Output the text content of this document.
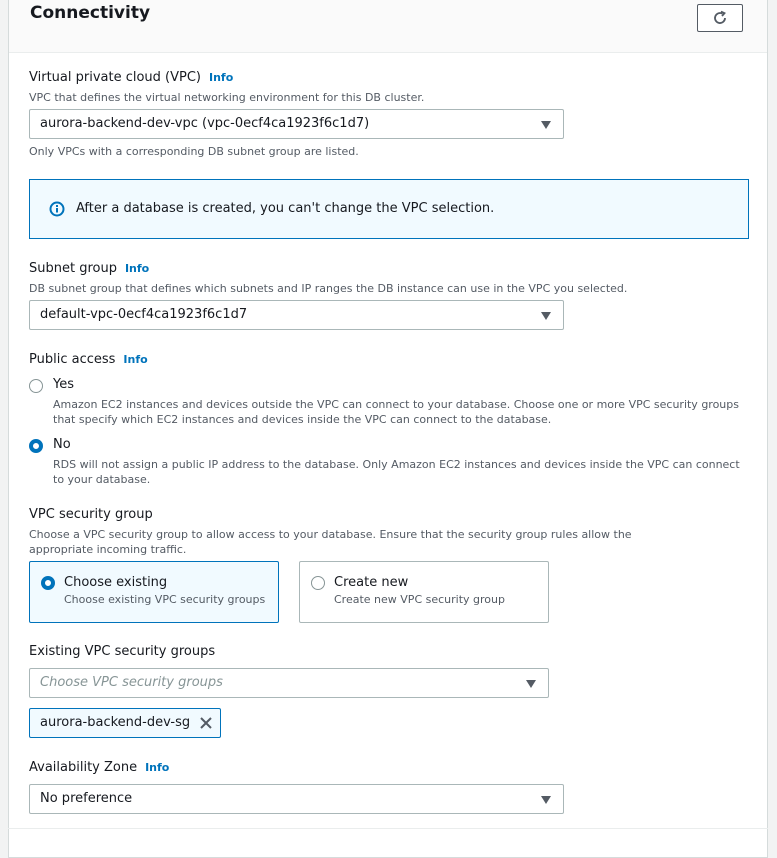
Connectivity
Virtual private cloud (VPC) Info
VPC that defines the virtual networking environment for this DB cluster.
aurora-backend-dev-vpc (vpc-0ecf4ca1923f6c1d7)
Only VPCs with a corresponding DB subnet group are listed.
After a database is created, you can't change the VPC selection.
Subnet group Info
DB subnet group that defines which subnets and IP ranges the DB instance can use in the VPC you selected.
default-vpc-0ecf4ca1923f6c1d7
Public access Info
Yes
Amazon EC2 instances and devices outside the VPC can connect to your database. Choose one or more VPC security groups that specify which EC2 instances and devices inside the VPC can connect to the database.
No
RDS will not assign a public IP address to the database. Only Amazon EC2 instances and devices inside the VPC can connect to your database.
VPC security group
Choose a VPC security group to allow access to your database. Ensure that the security group rules allow the appropriate incoming traffic.
Choose existing
Choose existing VPC security groups
Create new
Create new VPC security group
Existing VPC security groups
Choose VPC security groups
aurora-backend-dev-sg
Availability Zone Info
No preference
